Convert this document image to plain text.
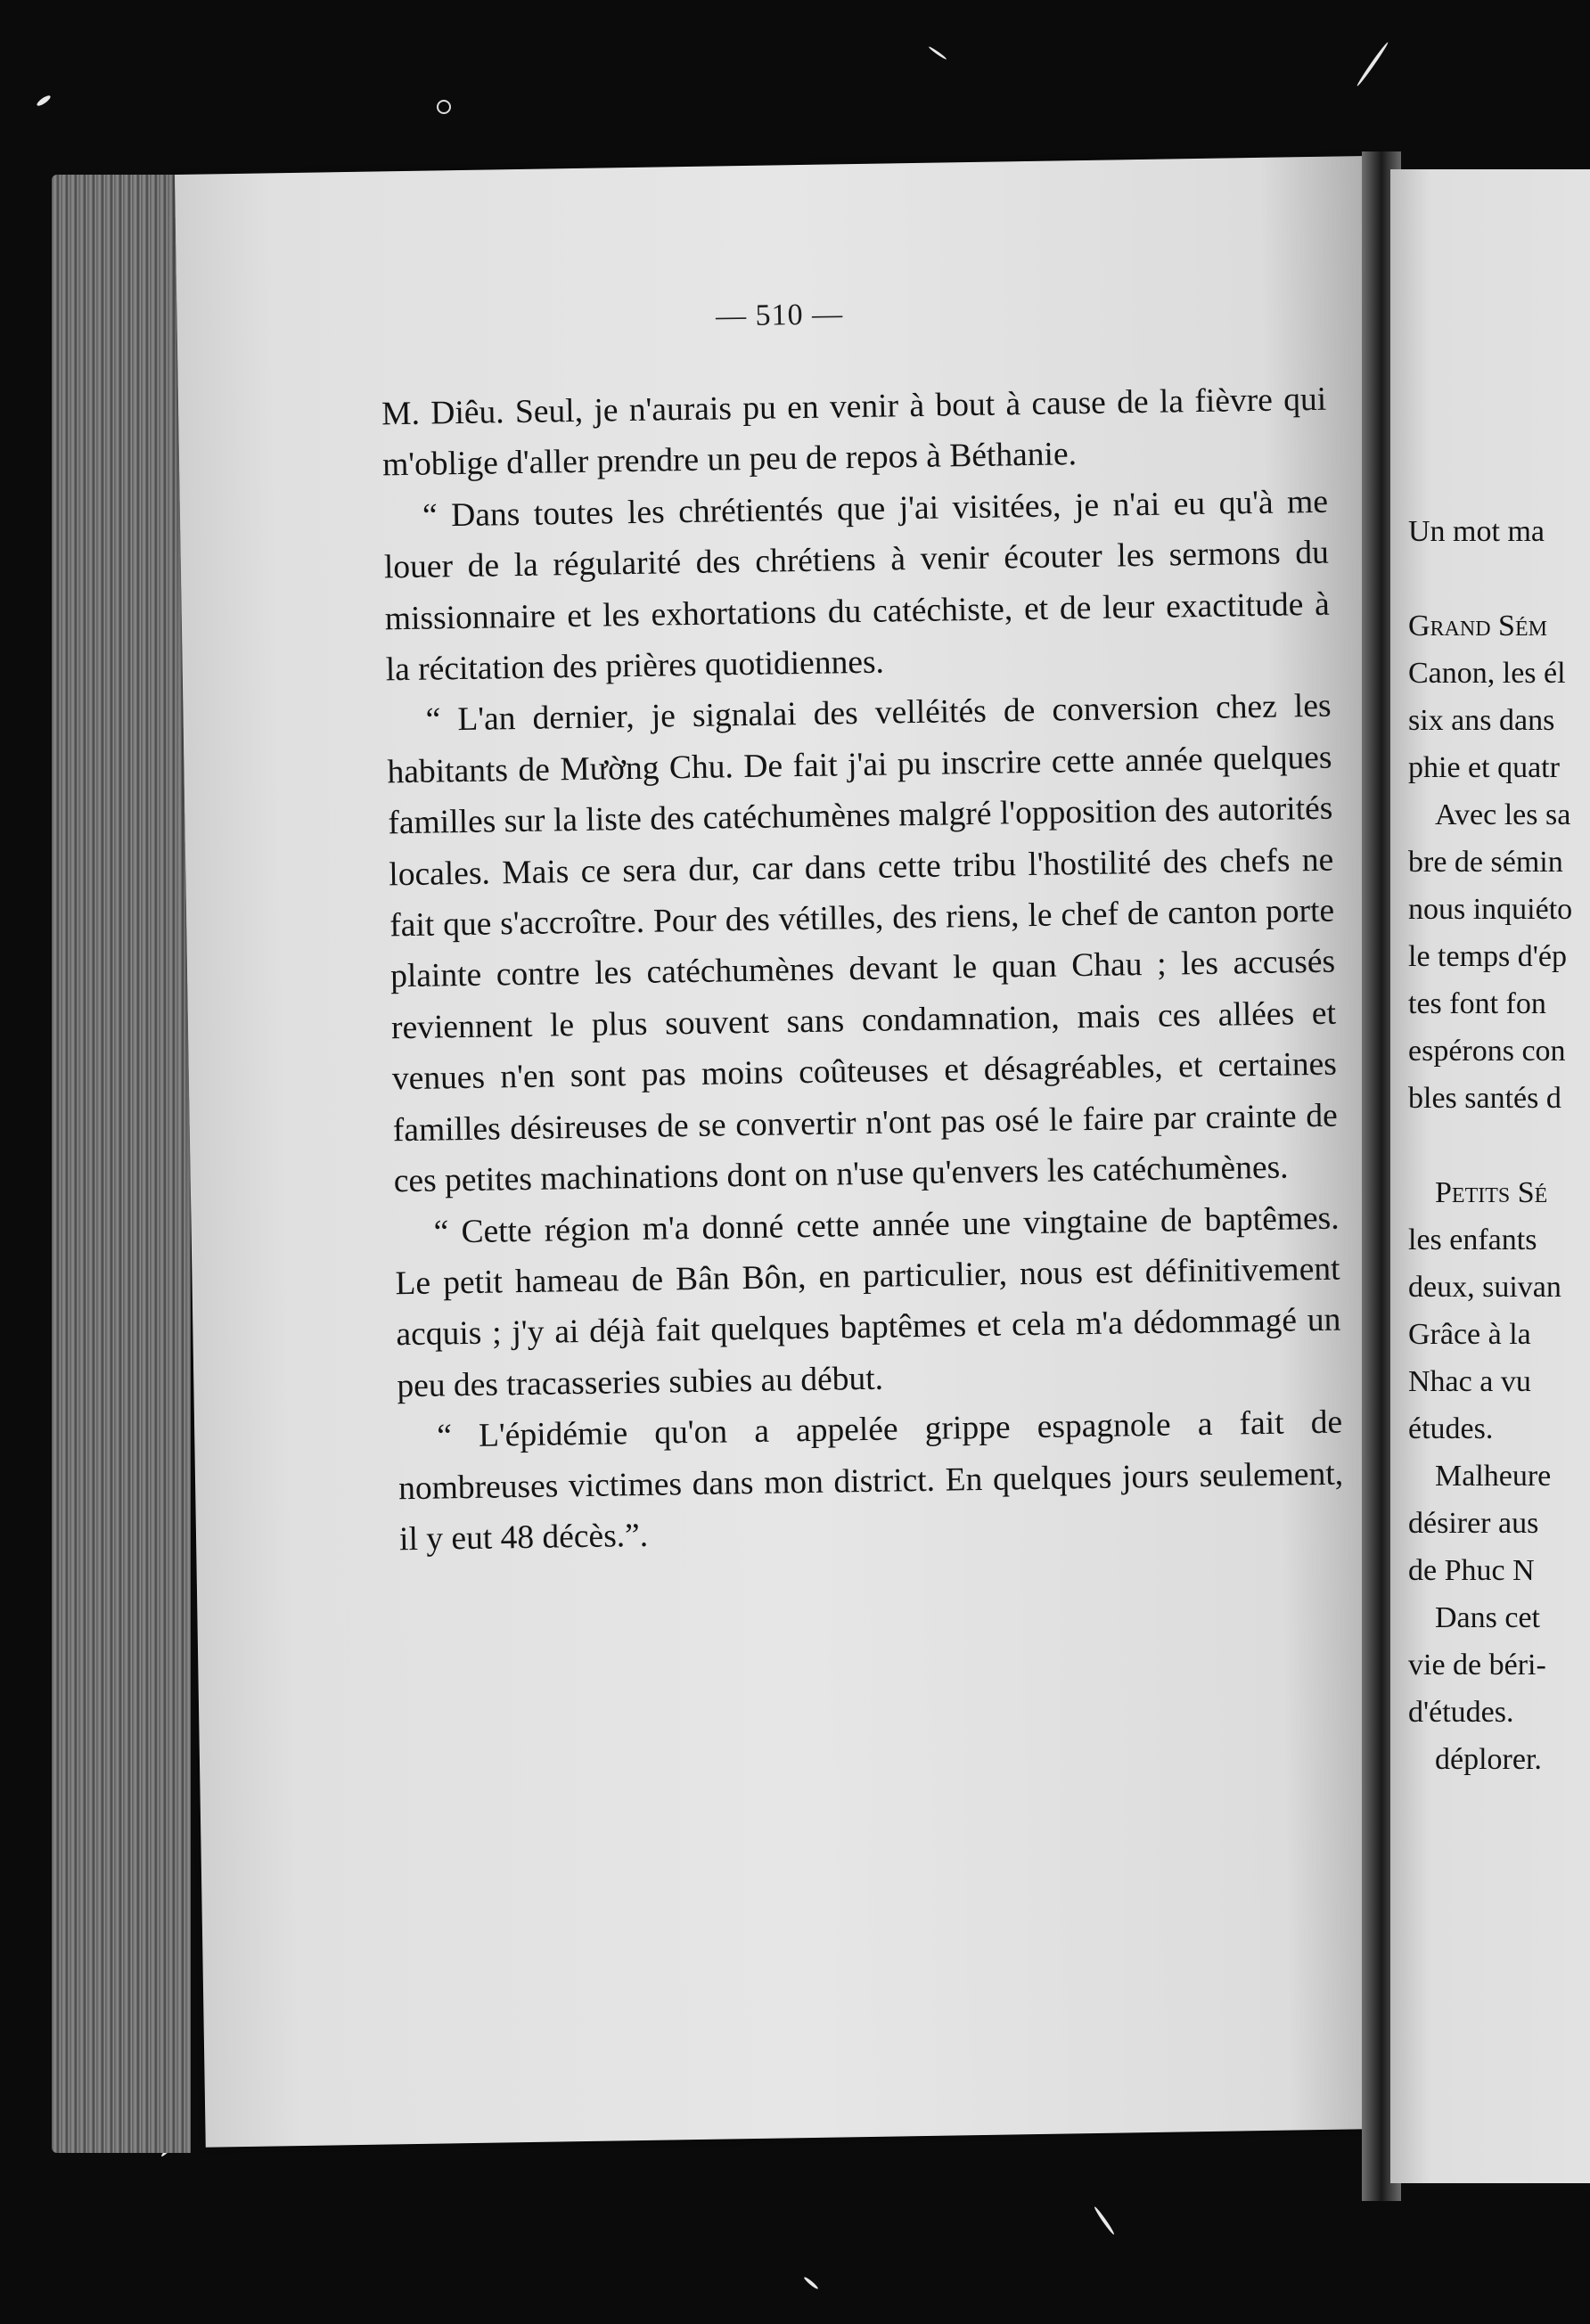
— 510 —

M. Diêu. Seul, je n'aurais pu en venir à bout à cause de la fièvre qui m'oblige d'aller prendre un peu de repos à Béthanie.

“ Dans toutes les chrétientés que j'ai visitées, je n'ai eu qu'à me louer de la régularité des chrétiens à venir écouter les sermons du missionnaire et les exhortations du catéchiste, et de leur exactitude à la récitation des prières quotidiennes.

“ L'an dernier, je signalai des velléités de conversion chez les habitants de Mường Chu. De fait j'ai pu inscrire cette année quelques familles sur la liste des catéchumènes malgré l'opposition des autorités locales. Mais ce sera dur, car dans cette tribu l'hostilité des chefs ne fait que s'accroître. Pour des vétilles, des riens, le chef de canton porte plainte contre les catéchumènes devant le quan Chau ; les accusés reviennent le plus souvent sans condamnation, mais ces allées et venues n'en sont pas moins coûteuses et désagréables, et certaines familles désireuses de se convertir n'ont pas osé le faire par crainte de ces petites machinations dont on n'use qu'envers les catéchumènes.

“ Cette région m'a donné cette année une vingtaine de baptêmes. Le petit hameau de Bân Bôn, en particulier, nous est définitivement acquis ; j'y ai déjà fait quelques baptêmes et cela m'a dédommagé un peu des tracasseries subies au début.

“ L'épidémie qu'on a appelée grippe espagnole a fait de nombreuses victimes dans mon district. En quelques jours seulement, il y eut 48 décès.”.

Un mot ma
Grand Sém
Canon, les él
six ans dans
phie et quatr
Avec les sa
bre de sémin
nous inquiéto
le temps d'ép
tes font fon
espérons con
bles santés d
Petits Sé
les enfants
deux, suivan
Grâce à la
Nhac a vu
études.
Malheure
désirer aus
de Phuc N
Dans cet
vie de béri-
d'études.
déplorer.
